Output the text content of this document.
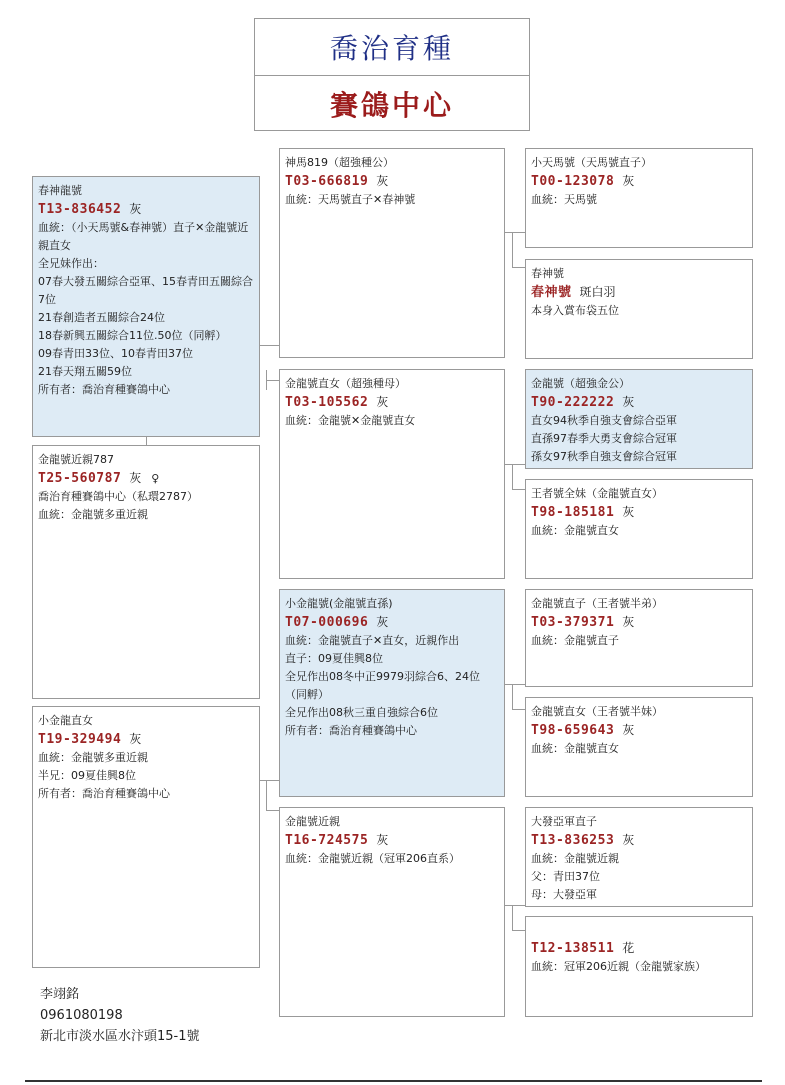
喬治育種
賽鴿中心
春神龍號
T13-836452 灰
血統：（小天馬號&春神號）直子✕金龍號近親直女
全兄妹作出：
07春大發五關綜合亞軍、15春青田五關綜合7位
21春創造者五關綜合24位
18春新興五關綜合11位.50位（同孵）
09春青田33位、10春青田37位
21春天翔五關59位
所有者：喬治育種賽鴿中心
金龍號近親787
T25-560787 灰 ♀
喬治育種賽鴿中心（私環2787）
血統：金龍號多重近親
小金龍直女
T19-329494 灰
血統：金龍號多重近親
半兄：09夏佳興8位
所有者：喬治育種賽鴿中心
神馬819（超強種公）
T03-666819 灰
血統：天馬號直子✕春神號
金龍號直女（超強種母）
T03-105562 灰
血統：金龍號✕金龍號直女
小金龍號(金龍號直孫)
T07-000696 灰
血統：金龍號直子✕直女，近親作出
直子：09夏佳興8位
全兄作出08冬中正9979羽綜合6、24位（同孵）
全兄作出08秋三重自強綜合6位
所有者：喬治育種賽鴿中心
金龍號近親
T16-724575 灰
血統：金龍號近親（冠軍206直系）
小天馬號（天馬號直子）
T00-123078 灰
血統：天馬號
春神號
春神號 斑白羽
本身入賞布袋五位
金龍號（超強金公）
T90-222222 灰
直女94秋季自強支會綜合亞軍
直孫97春季大勇支會綜合冠軍
孫女97秋季自強支會綜合冠軍
王者號全妹（金龍號直女）
T98-185181 灰
血統：金龍號直女
金龍號直子（王者號半弟）
T03-379371 灰
血統：金龍號直子
金龍號直女（王者號半妹）
T98-659643 灰
血統：金龍號直女
大發亞軍直子
T13-836253 灰
血統：金龍號近親
父：青田37位
母：大發亞軍
T12-138511 花
血統：冠軍206近親（金龍號家族）
李翊銘
0961080198
新北市淡水區水汴頭15-1號
